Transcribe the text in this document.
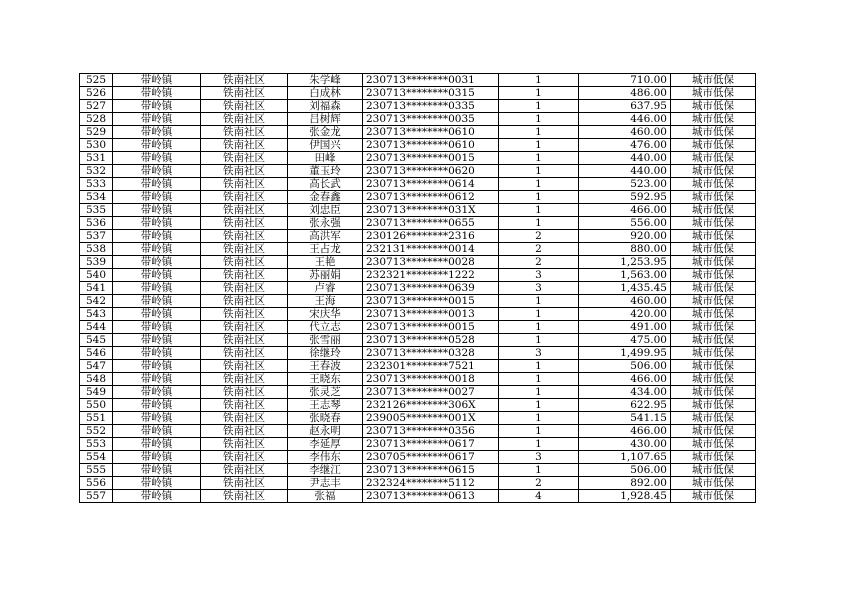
525	带岭镇	铁南社区	朱学峰	230713********0031	1	710.00	城市低保
526	带岭镇	铁南社区	白成林	230713********0315	1	486.00	城市低保
527	带岭镇	铁南社区	刘福森	230713********0335	1	637.95	城市低保
528	带岭镇	铁南社区	吕树辉	230713********0035	1	446.00	城市低保
529	带岭镇	铁南社区	张金龙	230713********0610	1	460.00	城市低保
530	带岭镇	铁南社区	伊国兴	230713********0610	1	476.00	城市低保
531	带岭镇	铁南社区	田峰	230713********0015	1	440.00	城市低保
532	带岭镇	铁南社区	董玉玲	230713********0620	1	440.00	城市低保
533	带岭镇	铁南社区	高长武	230713********0614	1	523.00	城市低保
534	带岭镇	铁南社区	金春鑫	230713********0612	1	592.95	城市低保
535	带岭镇	铁南社区	刘忠臣	230713********031X	1	466.00	城市低保
536	带岭镇	铁南社区	张永强	230713********0655	1	556.00	城市低保
537	带岭镇	铁南社区	高洪军	230126********2316	2	920.00	城市低保
538	带岭镇	铁南社区	王占龙	232131********0014	2	880.00	城市低保
539	带岭镇	铁南社区	王艳	230713********0028	2	1,253.95	城市低保
540	带岭镇	铁南社区	苏丽娟	232321********1222	3	1,563.00	城市低保
541	带岭镇	铁南社区	卢睿	230713********0639	3	1,435.45	城市低保
542	带岭镇	铁南社区	王海	230713********0015	1	460.00	城市低保
543	带岭镇	铁南社区	宋庆华	230713********0013	1	420.00	城市低保
544	带岭镇	铁南社区	代立志	230713********0015	1	491.00	城市低保
545	带岭镇	铁南社区	张雪丽	230713********0528	1	475.00	城市低保
546	带岭镇	铁南社区	徐继玲	230713********0328	3	1,499.95	城市低保
547	带岭镇	铁南社区	王春波	232301********7521	1	506.00	城市低保
548	带岭镇	铁南社区	王晓东	230713********0018	1	466.00	城市低保
549	带岭镇	铁南社区	张灵芝	230713********0027	1	434.00	城市低保
550	带岭镇	铁南社区	王志琴	232126********306X	1	622.95	城市低保
551	带岭镇	铁南社区	张晓春	239005********001X	1	541.15	城市低保
552	带岭镇	铁南社区	赵永明	230713********0356	1	466.00	城市低保
553	带岭镇	铁南社区	李延厚	230713********0617	1	430.00	城市低保
554	带岭镇	铁南社区	李伟东	230705********0617	3	1,107.65	城市低保
555	带岭镇	铁南社区	李继江	230713********0615	1	506.00	城市低保
556	带岭镇	铁南社区	尹志丰	232324********5112	2	892.00	城市低保
557	带岭镇	铁南社区	张福	230713********0613	4	1,928.45	城市低保
